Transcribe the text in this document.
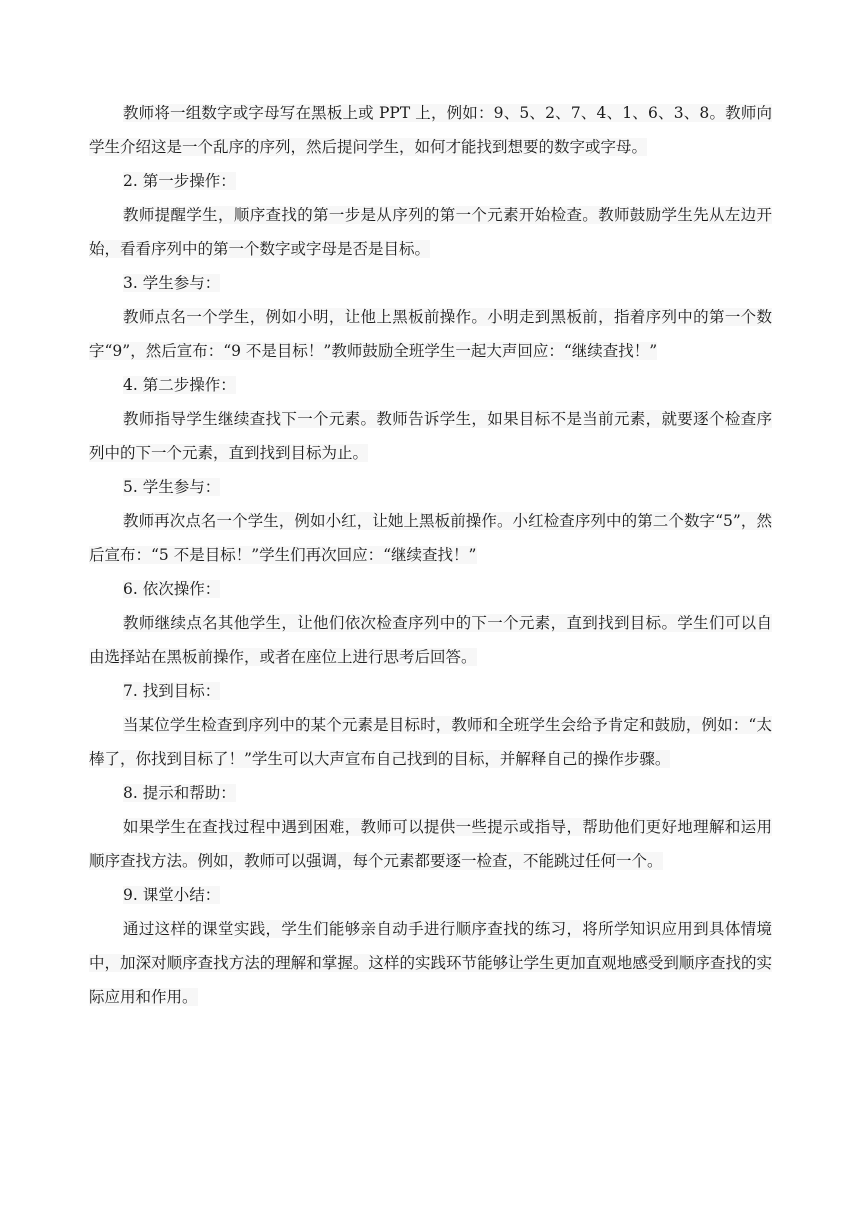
教师将一组数字或字母写在黑板上或 PPT 上，例如：9、5、2、7、4、1、6、3、8。教师向学生介绍这是一个乱序的序列，然后提问学生，如何才能找到想要的数字或字母。

2. 第一步操作：

教师提醒学生，顺序查找的第一步是从序列的第一个元素开始检查。教师鼓励学生先从左边开始，看看序列中的第一个数字或字母是否是目标。

3. 学生参与：

教师点名一个学生，例如小明，让他上黑板前操作。小明走到黑板前，指着序列中的第一个数字“9”，然后宣布：“9 不是目标！”教师鼓励全班学生一起大声回应：“继续查找！”

4. 第二步操作：

教师指导学生继续查找下一个元素。教师告诉学生，如果目标不是当前元素，就要逐个检查序列中的下一个元素，直到找到目标为止。

5. 学生参与：

教师再次点名一个学生，例如小红，让她上黑板前操作。小红检查序列中的第二个数字“5”，然后宣布：“5 不是目标！”学生们再次回应：“继续查找！”

6. 依次操作：

教师继续点名其他学生，让他们依次检查序列中的下一个元素，直到找到目标。学生们可以自由选择站在黑板前操作，或者在座位上进行思考后回答。

7. 找到目标：

当某位学生检查到序列中的某个元素是目标时，教师和全班学生会给予肯定和鼓励，例如：“太棒了，你找到目标了！”学生可以大声宣布自己找到的目标，并解释自己的操作步骤。

8. 提示和帮助：

如果学生在查找过程中遇到困难，教师可以提供一些提示或指导，帮助他们更好地理解和运用顺序查找方法。例如，教师可以强调，每个元素都要逐一检查，不能跳过任何一个。

9. 课堂小结：

通过这样的课堂实践，学生们能够亲自动手进行顺序查找的练习，将所学知识应用到具体情境中，加深对顺序查找方法的理解和掌握。这样的实践环节能够让学生更加直观地感受到顺序查找的实际应用和作用。
